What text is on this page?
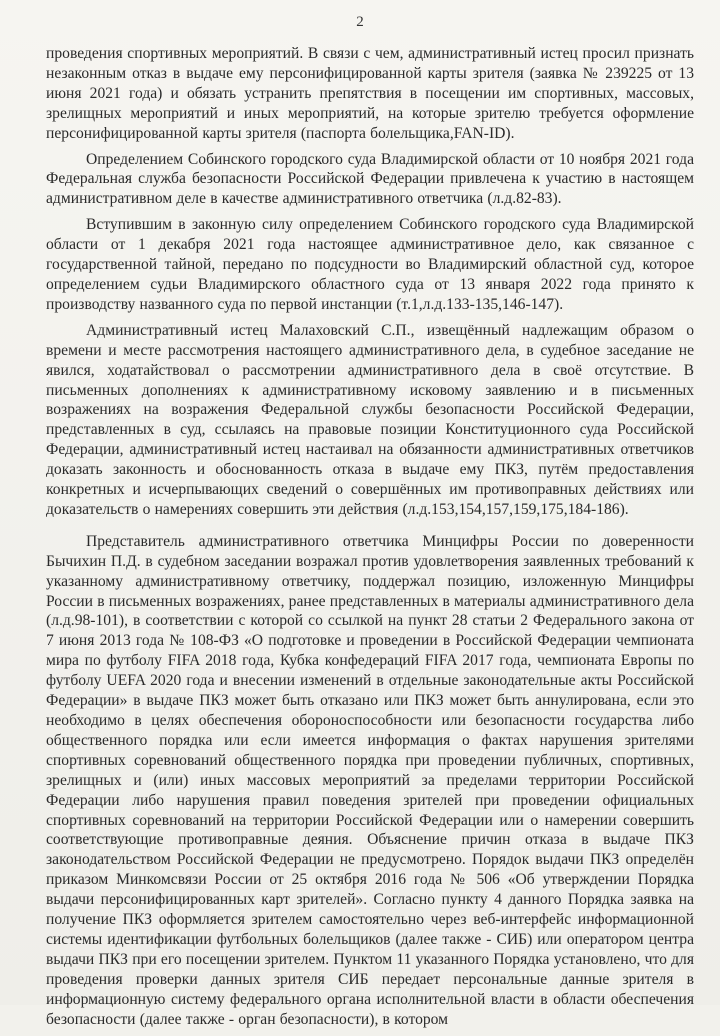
2

проведения спортивных мероприятий. В связи с чем, административный истец просил признать незаконным отказ в выдаче ему персонифицированной карты зрителя (заявка № 239225 от 13 июня 2021 года) и обязать устранить препятствия в посещении им спортивных, массовых, зрелищных мероприятий и иных мероприятий, на которые зрителю требуется оформление персонифицированной карты зрителя (паспорта болельщика,FAN-ID).

Определением Собинского городского суда Владимирской области от 10 ноября 2021 года Федеральная служба безопасности Российской Федерации привлечена к участию в настоящем административном деле в качестве административного ответчика (л.д.82-83).

Вступившим в законную силу определением Собинского городского суда Владимирской области от 1 декабря 2021 года настоящее административное дело, как связанное с государственной тайной, передано по подсудности во Владимирский областной суд, которое определением судьи Владимирского областного суда от 13 января 2022 года принято к производству названного суда по первой инстанции (т.1,л.д.133-135,146-147).

Административный истец Малаховский С.П., извещённый надлежащим образом о времени и месте рассмотрения настоящего административного дела, в судебное заседание не явился, ходатайствовал о рассмотрении административного дела в своё отсутствие. В письменных дополнениях к административному исковому заявлению и в письменных возражениях на возражения Федеральной службы безопасности Российской Федерации, представленных в суд, ссылаясь на правовые позиции Конституционного суда Российской Федерации, административный истец настаивал на обязанности административных ответчиков доказать законность и обоснованность отказа в выдаче ему ПКЗ, путём предоставления конкретных и исчерпывающих сведений о совершённых им противоправных действиях или доказательств о намерениях совершить эти действия (л.д.153,154,157,159,175,184-186).

Представитель административного ответчика Минцифры России по доверенности Бычихин П.Д. в судебном заседании возражал против удовлетворения заявленных требований к указанному административному ответчику, поддержал позицию, изложенную Минцифры России в письменных возражениях, ранее представленных в материалы административного дела (л.д.98-101), в соответствии с которой со ссылкой на пункт 28 статьи 2 Федерального закона от 7 июня 2013 года № 108-ФЗ «О подготовке и проведении в Российской Федерации чемпионата мира по футболу FIFA 2018 года, Кубка конфедераций FIFA 2017 года, чемпионата Европы по футболу UEFA 2020 года и внесении изменений в отдельные законодательные акты Российской Федерации» в выдаче ПКЗ может быть отказано или ПКЗ может быть аннулирована, если это необходимо в целях обеспечения обороноспособности или безопасности государства либо общественного порядка или если имеется информация о фактах нарушения зрителями спортивных соревнований общественного порядка при проведении публичных, спортивных, зрелищных и (или) иных массовых мероприятий за пределами территории Российской Федерации либо нарушения правил поведения зрителей при проведении официальных спортивных соревнований на территории Российской Федерации или о намерении совершить соответствующие противоправные деяния. Объяснение причин отказа в выдаче ПКЗ законодательством Российской Федерации не предусмотрено. Порядок выдачи ПКЗ определён приказом Минкомсвязи России от 25 октября 2016 года № 506 «Об утверждении Порядка выдачи персонифицированных карт зрителей». Согласно пункту 4 данного Порядка заявка на получение ПКЗ оформляется зрителем самостоятельно через веб-интерфейс информационной системы идентификации футбольных болельщиков (далее также - СИБ) или оператором центра выдачи ПКЗ при его посещении зрителем. Пунктом 11 указанного Порядка установлено, что для проведения проверки данных зрителя СИБ передает персональные данные зрителя в информационную систему федерального органа исполнительной власти в области обеспечения безопасности (далее также - орган безопасности), в котором
